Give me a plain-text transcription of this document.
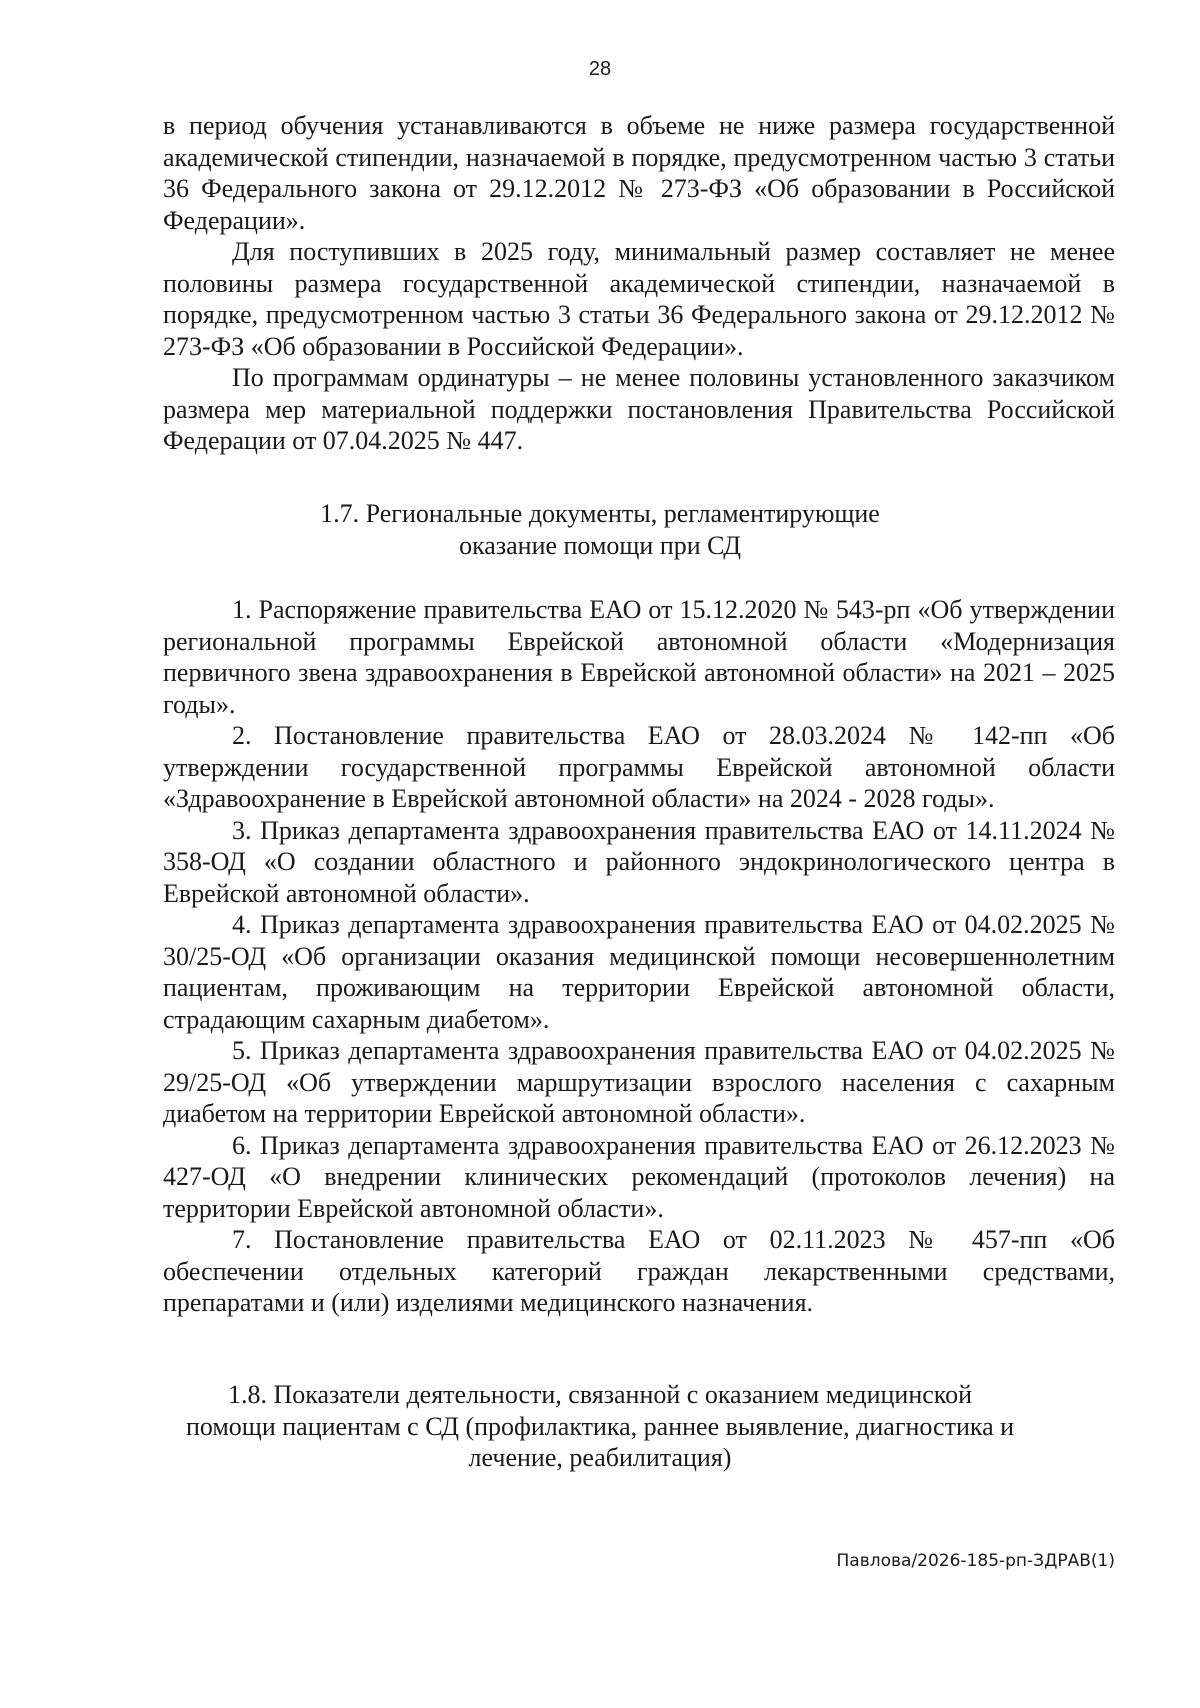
28

в период обучения устанавливаются в объеме не ниже размера государственной академической стипендии, назначаемой в порядке, предусмотренном частью 3 статьи 36 Федерального закона от 29.12.2012 № 273-ФЗ «Об образовании в Российской Федерации».

Для поступивших в 2025 году, минимальный размер составляет не менее половины размера государственной академической стипендии, назначаемой в порядке, предусмотренном частью 3 статьи 36 Федерального закона от 29.12.2012 № 273-ФЗ «Об образовании в Российской Федерации».

По программам ординатуры – не менее половины установленного заказчиком размера мер материальной поддержки постановления Правительства Российской Федерации от 07.04.2025 № 447.

1.7. Региональные документы, регламентирующие
оказание помощи при СД

1. Распоряжение правительства ЕАО от 15.12.2020 № 543-рп «Об утверждении региональной программы Еврейской автономной области «Модернизация первичного звена здравоохранения в Еврейской автономной области» на 2021 – 2025 годы».

2. Постановление правительства ЕАО от 28.03.2024 № 142-пп «Об утверждении государственной программы Еврейской автономной области «Здравоохранение в Еврейской автономной области» на 2024 - 2028 годы».

3. Приказ департамента здравоохранения правительства ЕАО от 14.11.2024 № 358-ОД «О создании областного и районного эндокринологического центра в Еврейской автономной области».

4. Приказ департамента здравоохранения правительства ЕАО от 04.02.2025 № 30/25-ОД «Об организации оказания медицинской помощи несовершеннолетним пациентам, проживающим на территории Еврейской автономной области, страдающим сахарным диабетом».

5. Приказ департамента здравоохранения правительства ЕАО от 04.02.2025 № 29/25-ОД «Об утверждении маршрутизации взрослого населения с сахарным диабетом на территории Еврейской автономной области».

6. Приказ департамента здравоохранения правительства ЕАО от 26.12.2023 № 427-ОД «О внедрении клинических рекомендаций (протоколов лечения) на территории Еврейской автономной области».

7. Постановление правительства ЕАО от 02.11.2023 № 457-пп «Об обеспечении отдельных категорий граждан лекарственными средствами, препаратами и (или) изделиями медицинского назначения.

1.8. Показатели деятельности, связанной с оказанием медицинской
помощи пациентам с СД (профилактика, раннее выявление, диагностика и
лечение, реабилитация)
Павлова/2026-185-рп-ЗДРАВ(1)
